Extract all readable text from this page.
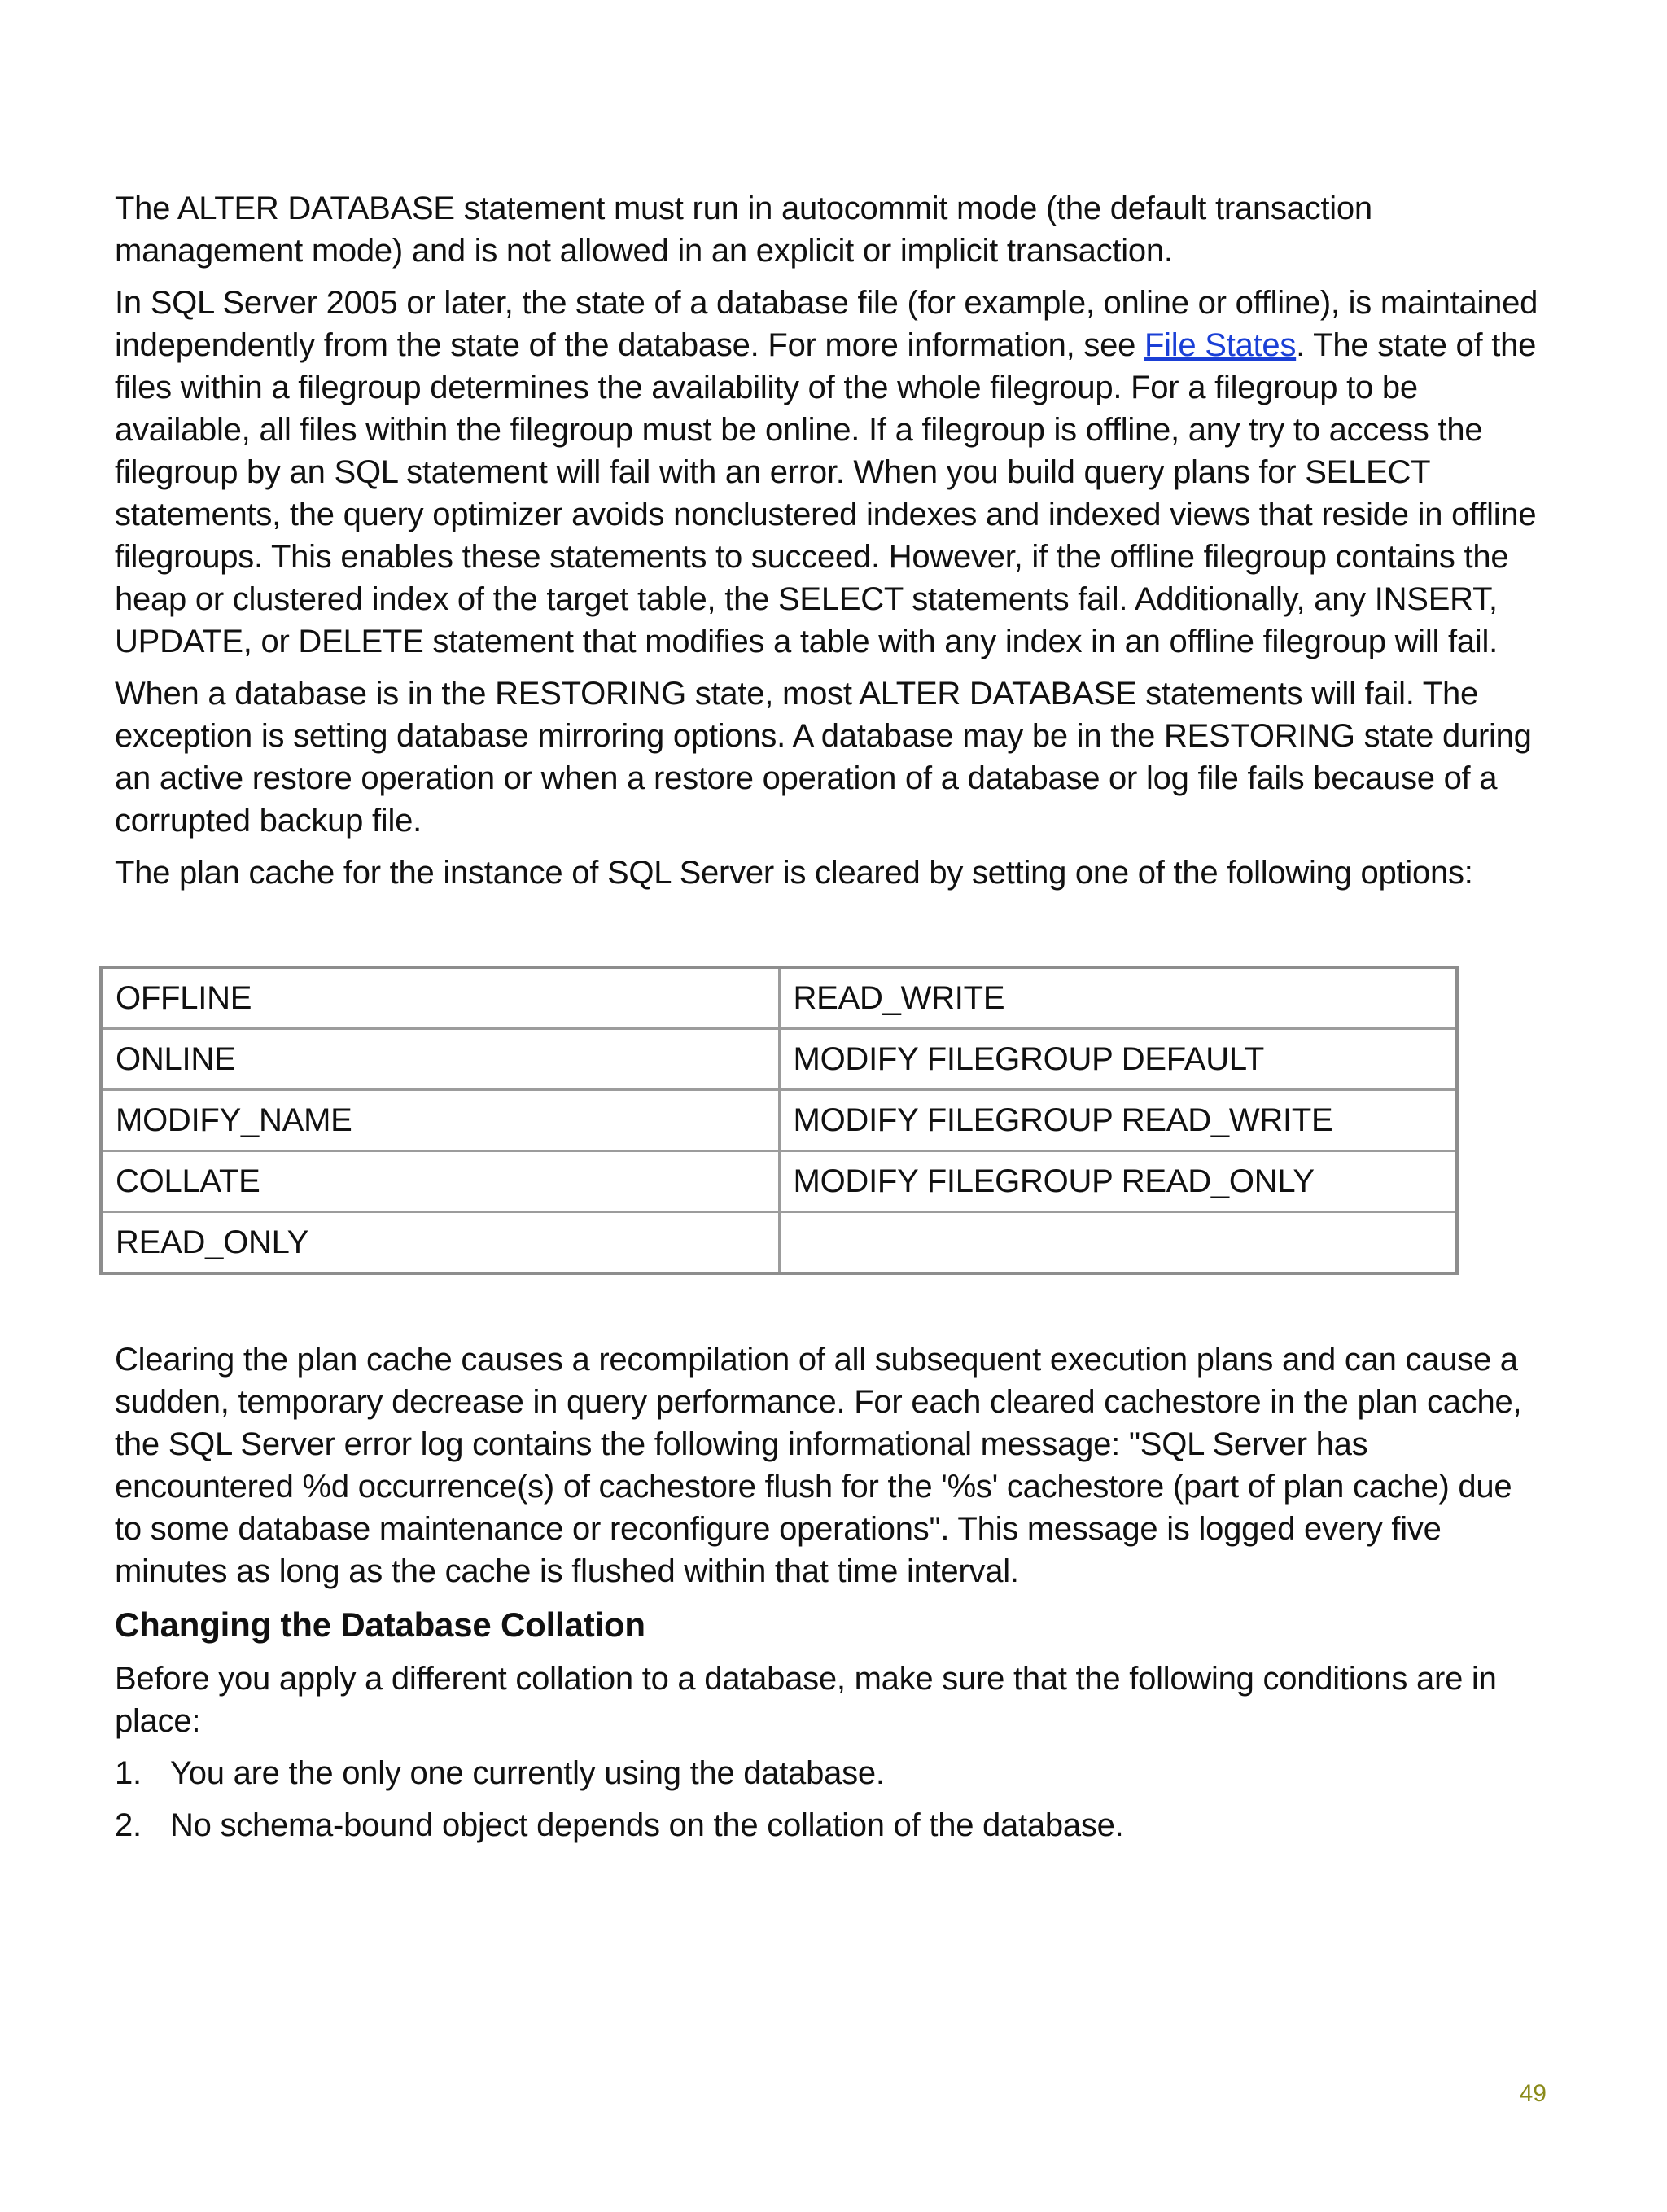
The ALTER DATABASE statement must run in autocommit mode (the default transaction management mode) and is not allowed in an explicit or implicit transaction.

In SQL Server 2005 or later, the state of a database file (for example, online or offline), is maintained independently from the state of the database. For more information, see File States. The state of the files within a filegroup determines the availability of the whole filegroup. For a filegroup to be available, all files within the filegroup must be online. If a filegroup is offline, any try to access the filegroup by an SQL statement will fail with an error. When you build query plans for SELECT statements, the query optimizer avoids nonclustered indexes and indexed views that reside in offline filegroups. This enables these statements to succeed. However, if the offline filegroup contains the heap or clustered index of the target table, the SELECT statements fail. Additionally, any INSERT, UPDATE, or DELETE statement that modifies a table with any index in an offline filegroup will fail.

When a database is in the RESTORING state, most ALTER DATABASE statements will fail. The exception is setting database mirroring options. A database may be in the RESTORING state during an active restore operation or when a restore operation of a database or log file fails because of a corrupted backup file.

The plan cache for the instance of SQL Server is cleared by setting one of the following options:

OFFLINE	READ_WRITE
ONLINE	MODIFY FILEGROUP DEFAULT
MODIFY_NAME	MODIFY FILEGROUP READ_WRITE
COLLATE	MODIFY FILEGROUP READ_ONLY
READ_ONLY	

Clearing the plan cache causes a recompilation of all subsequent execution plans and can cause a sudden, temporary decrease in query performance. For each cleared cachestore in the plan cache, the SQL Server error log contains the following informational message: "SQL Server has encountered %d occurrence(s) of cachestore flush for the '%s' cachestore (part of plan cache) due to some database maintenance or reconfigure operations". This message is logged every five minutes as long as the cache is flushed within that time interval.

Changing the Database Collation

Before you apply a different collation to a database, make sure that the following conditions are in place:

1. You are the only one currently using the database.
2. No schema-bound object depends on the collation of the database.
49
